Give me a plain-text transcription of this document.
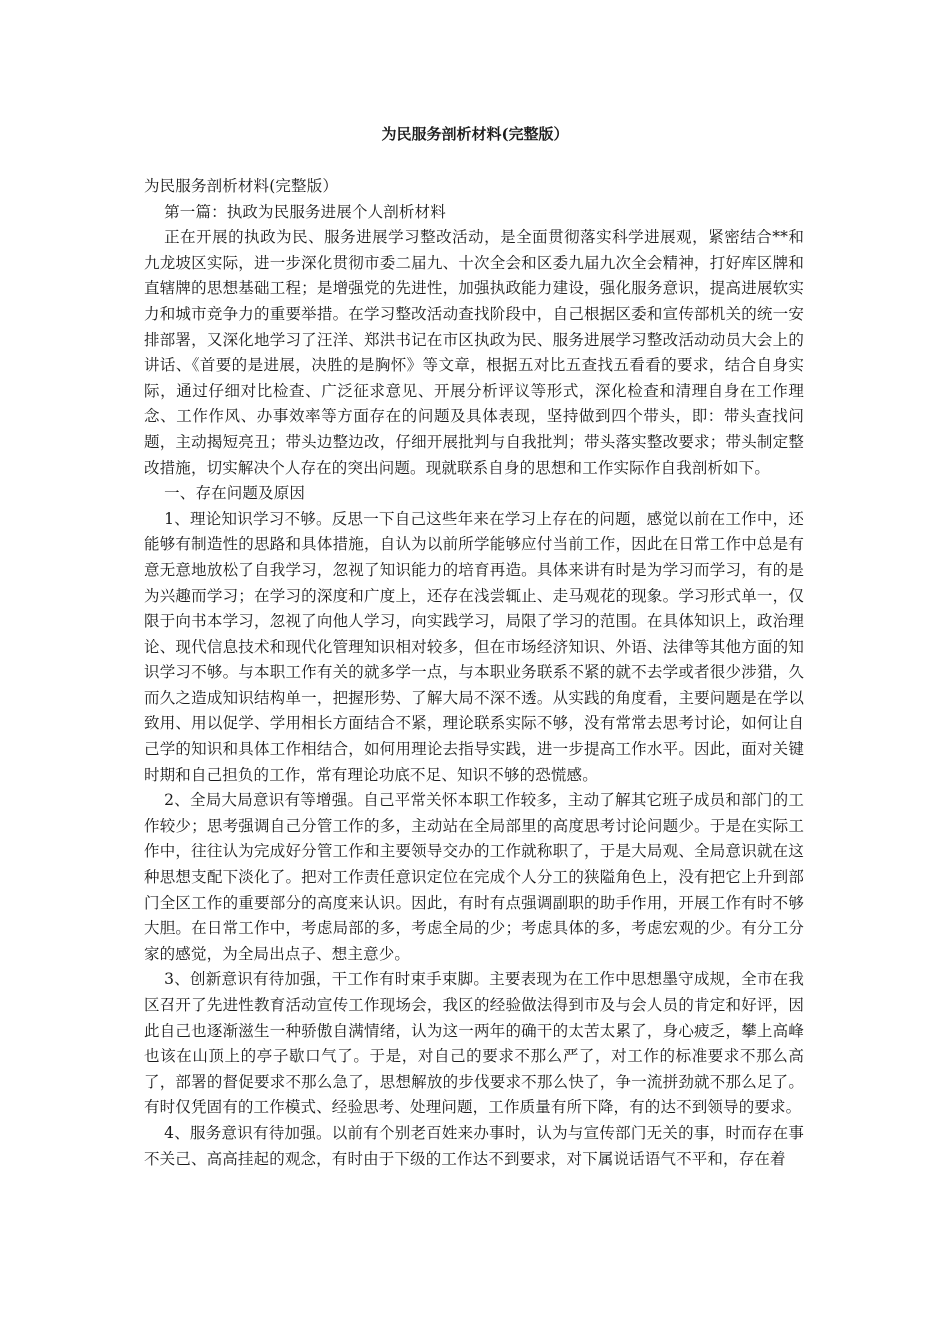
为民服务剖析材料(完整版）

为民服务剖析材料(完整版）

第一篇：执政为民服务进展个人剖析材料

正在开展的执政为民、服务进展学习整改活动，是全面贯彻落实科学进展观，紧密结合**和九龙坡区实际，进一步深化贯彻市委二届九、十次全会和区委九届九次全会精神，打好库区牌和直辖牌的思想基础工程；是增强党的先进性，加强执政能力建设，强化服务意识，提高进展软实力和城市竞争力的重要举措。在学习整改活动查找阶段中，自己根据区委和宣传部机关的统一安排部署，又深化地学习了汪洋、郑洪书记在市区执政为民、服务进展学习整改活动动员大会上的讲话、《首要的是进展，决胜的是胸怀》等文章，根据五对比五查找五看看的要求，结合自身实际，通过仔细对比检查、广泛征求意见、开展分析评议等形式，深化检查和清理自身在工作理念、工作作风、办事效率等方面存在的问题及具体表现，坚持做到四个带头，即：带头查找问题，主动揭短亮丑；带头边整边改，仔细开展批判与自我批判；带头落实整改要求；带头制定整改措施，切实解决个人存在的突出问题。现就联系自身的思想和工作实际作自我剖析如下。

一、存在问题及原因

1、理论知识学习不够。反思一下自己这些年来在学习上存在的问题，感觉以前在工作中，还能够有制造性的思路和具体措施，自认为以前所学能够应付当前工作，因此在日常工作中总是有意无意地放松了自我学习，忽视了知识能力的培育再造。具体来讲有时是为学习而学习，有的是为兴趣而学习；在学习的深度和广度上，还存在浅尝辄止、走马观花的现象。学习形式单一，仅限于向书本学习，忽视了向他人学习，向实践学习，局限了学习的范围。在具体知识上，政治理论、现代信息技术和现代化管理知识相对较多，但在市场经济知识、外语、法律等其他方面的知识学习不够。与本职工作有关的就多学一点，与本职业务联系不紧的就不去学或者很少涉猎，久而久之造成知识结构单一，把握形势、了解大局不深不透。从实践的角度看，主要问题是在学以致用、用以促学、学用相长方面结合不紧，理论联系实际不够，没有常常去思考讨论，如何让自己学的知识和具体工作相结合，如何用理论去指导实践，进一步提高工作水平。因此，面对关键时期和自己担负的工作，常有理论功底不足、知识不够的恐慌感。

2、全局大局意识有等增强。自己平常关怀本职工作较多，主动了解其它班子成员和部门的工作较少；思考强调自己分管工作的多，主动站在全局部里的高度思考讨论问题少。于是在实际工作中，往往认为完成好分管工作和主要领导交办的工作就称职了，于是大局观、全局意识就在这种思想支配下淡化了。把对工作责任意识定位在完成个人分工的狭隘角色上，没有把它上升到部门全区工作的重要部分的高度来认识。因此，有时有点强调副职的助手作用，开展工作有时不够大胆。在日常工作中，考虑局部的多，考虑全局的少；考虑具体的多，考虑宏观的少。有分工分家的感觉，为全局出点子、想主意少。

3、创新意识有待加强，干工作有时束手束脚。主要表现为在工作中思想墨守成规，全市在我区召开了先进性教育活动宣传工作现场会，我区的经验做法得到市及与会人员的肯定和好评，因此自己也逐渐滋生一种骄傲自满情绪，认为这一两年的确干的太苦太累了，身心疲乏，攀上高峰也该在山顶上的亭子歇口气了。于是，对自己的要求不那么严了，对工作的标准要求不那么高了，部署的督促要求不那么急了，思想解放的步伐要求不那么快了，争一流拼劲就不那么足了。有时仅凭固有的工作模式、经验思考、处理问题，工作质量有所下降，有的达不到领导的要求。

4、服务意识有待加强。以前有个别老百姓来办事时，认为与宣传部门无关的事，时而存在事不关己、高高挂起的观念，有时由于下级的工作达不到要求，对下属说话语气不平和，存在着
